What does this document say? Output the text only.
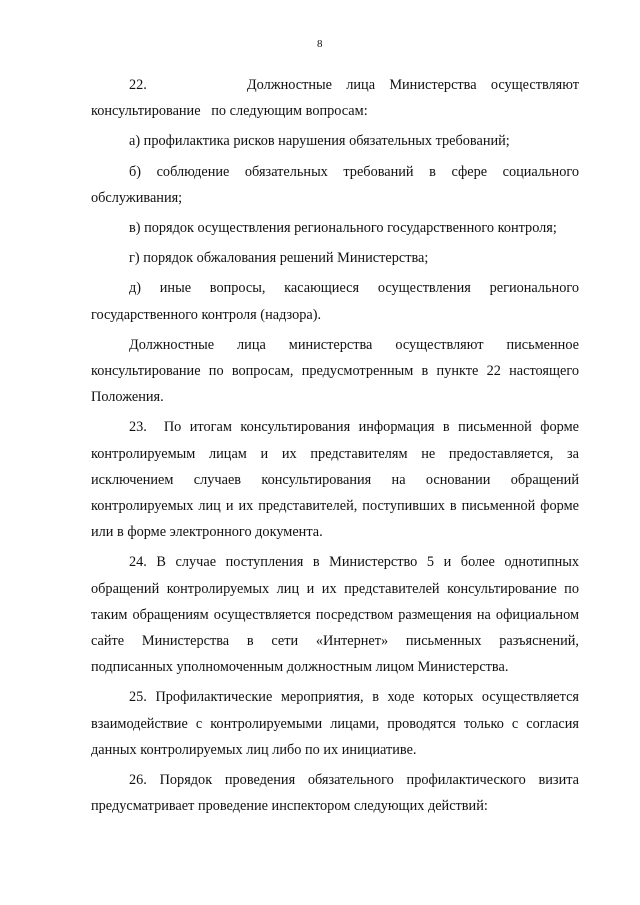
8

22.       Должностные лица Министерства осуществляют консультирование   по следующим вопросам:

а) профилактика рисков нарушения обязательных требований;

б) соблюдение обязательных требований в сфере социального обслуживания;

в) порядок осуществления регионального государственного контроля;

г) порядок обжалования решений Министерства;

д) иные вопросы, касающиеся осуществления регионального государственного контроля (надзора).

Должностные лица министерства осуществляют письменное консультирование по вопросам, предусмотренным в пункте 22 настоящего Положения.

23.  По итогам консультирования информация в письменной форме контролируемым лицам и их представителям не предоставляется, за исключением случаев консультирования на основании обращений контролируемых лиц и их представителей, поступивших в письменной форме или в форме электронного документа.

24. В случае поступления в Министерство 5 и более однотипных обращений контролируемых лиц и их представителей консультирование по таким обращениям осуществляется посредством размещения на официальном сайте Министерства в сети «Интернет» письменных разъяснений, подписанных уполномоченным должностным лицом Министерства.

25. Профилактические мероприятия, в ходе которых осуществляется взаимодействие с контролируемыми лицами, проводятся только с согласия данных контролируемых лиц либо по их инициативе.

26. Порядок проведения обязательного профилактического визита предусматривает проведение инспектором следующих действий:
